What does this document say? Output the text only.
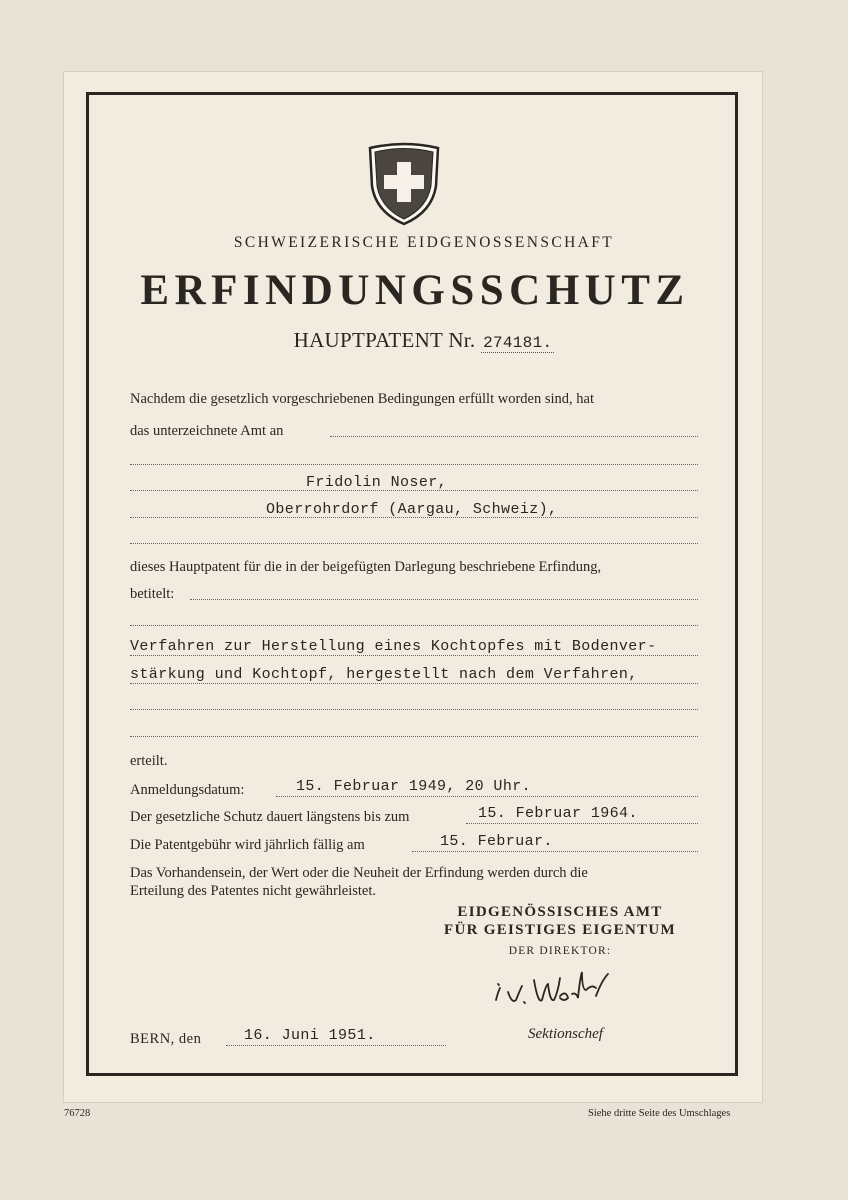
SCHWEIZERISCHE EIDGENOSSENSCHAFT
ERFINDUNGSSCHUTZ
HAUPTPATENT Nr. 274181.
Nachdem die gesetzlich vorgeschriebenen Bedingungen erfüllt worden sind, hat
das unterzeichnete Amt an
Fridolin Noser,
Oberrohrdorf (Aargau, Schweiz),
dieses Hauptpatent für die in der beigefügten Darlegung beschriebene Erfindung,
betitelt:
Verfahren zur Herstellung eines Kochtopfes mit Bodenver-
stärkung und Kochtopf, hergestellt nach dem Verfahren,
erteilt.
Anmeldungsdatum:	15. Februar 1949, 20 Uhr.
Der gesetzliche Schutz dauert längstens bis zum	15. Februar 1964.
Die Patentgebühr wird jährlich fällig am	15. Februar.
Das Vorhandensein, der Wert oder die Neuheit der Erfindung werden durch die
Erteilung des Patentes nicht gewährleistet.
EIDGENÖSSISCHES AMT
FÜR GEISTIGES EIGENTUM
DER DIREKTOR:
Sektionschef
BERN, den	16. Juni 1951.
76728	Siehe dritte Seite des Umschlages
